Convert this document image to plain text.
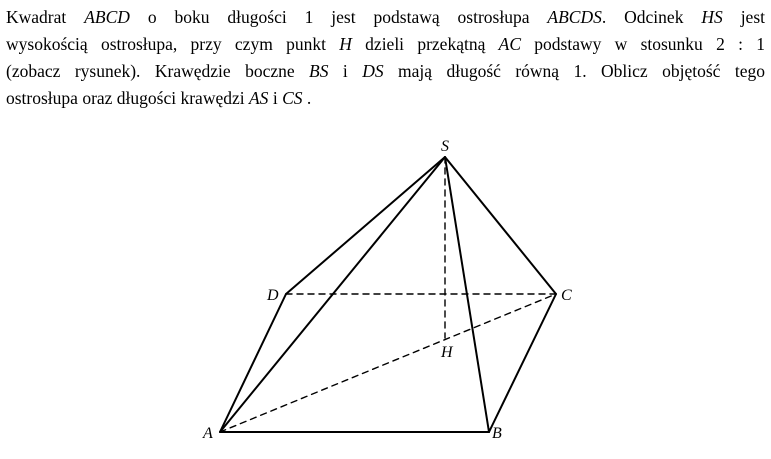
Kwadrat ABCD o boku długości 1 jest podstawą ostrosłupa ABCDS. Odcinek HS jest
wysokością ostrosłupa, przy czym punkt H dzieli przekątną AC podstawy w stosunku 2 : 1
(zobacz rysunek). Krawędzie boczne BS i DS mają długość równą 1. Oblicz objętość tego
ostrosłupa oraz długości krawędzi AS i CS .
S
D	C
H
A	B
